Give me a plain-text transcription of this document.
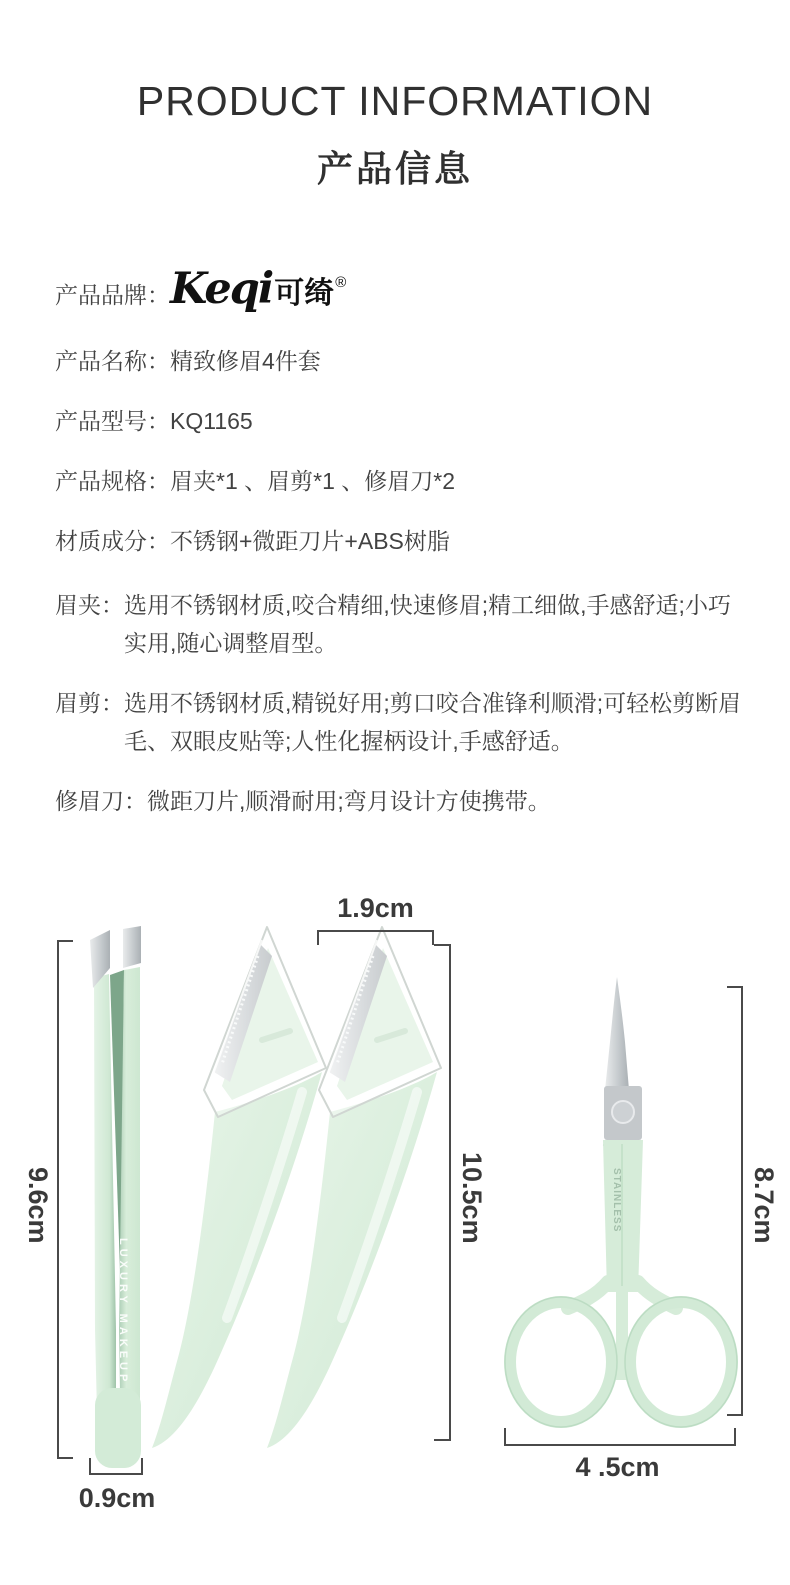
PRODUCT INFORMATION
产品信息
产品品牌： Keqi 可绮 ®
产品名称： 精致修眉4件套
产品型号： KQ1165
产品规格： 眉夹*1 、眉剪*1 、修眉刀*2
材质成分： 不锈钢+微距刀片+ABS树脂
眉夹： 选用不锈钢材质,咬合精细,快速修眉;精工细做,手感舒适;小巧实用,随心调整眉型。
眉剪： 选用不锈钢材质,精锐好用;剪口咬合准锋利顺滑;可轻松剪断眉毛、双眼皮贴等;人性化握柄设计,手感舒适。
修眉刀： 微距刀片,顺滑耐用;弯月设计方使携带。
1.9cm
9.6cm
0.9cm
10.5cm	8.7cm
4 .5cm
LUXURY MAKEUP
STAINLESS
